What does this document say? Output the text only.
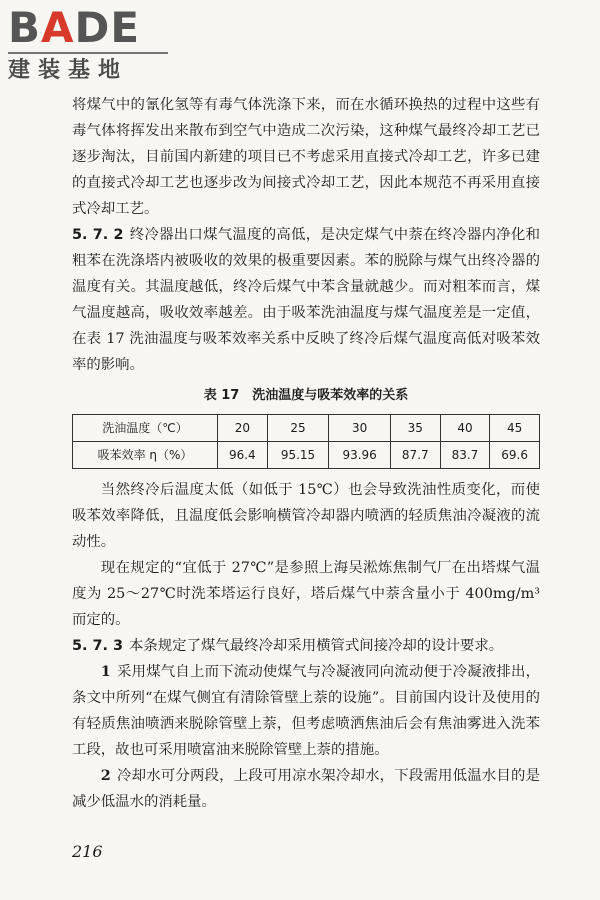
BADE
建装基地

将煤气中的氰化氢等有毒气体洗涤下来，而在水循环换热的过程中这些有毒气体将挥发出来散布到空气中造成二次污染，这种煤气最终冷却工艺已逐步淘汰，目前国内新建的项目已不考虑采用直接式冷却工艺，许多已建的直接式冷却工艺也逐步改为间接式冷却工艺，因此本规范不再采用直接式冷却工艺。

5. 7. 2 终冷器出口煤气温度的高低，是决定煤气中萘在终冷器内净化和粗苯在洗涤塔内被吸收的效果的极重要因素。苯的脱除与煤气出终冷器的温度有关。其温度越低，终冷后煤气中苯含量就越少。而对粗苯而言，煤气温度越高，吸收效率越差。由于吸苯洗油温度与煤气温度差是一定值，在表 17 洗油温度与吸苯效率关系中反映了终冷后煤气温度高低对吸苯效率的影响。

表 17　洗油温度与吸苯效率的关系
洗油温度（℃）	20	25	30	35	40	45
吸苯效率 η（%）	96.4	95.15	93.96	87.7	83.7	69.6

当然终冷后温度太低（如低于 15℃）也会导致洗油性质变化，而使吸苯效率降低，且温度低会影响横管冷却器内喷洒的轻质焦油冷凝液的流动性。

现在规定的“宜低于 27℃”是参照上海吴淞炼焦制气厂在出塔煤气温度为 25～27℃时洗苯塔运行良好，塔后煤气中萘含量小于 400mg/m³ 而定的。

5. 7. 3 本条规定了煤气最终冷却采用横管式间接冷却的设计要求。

1 采用煤气自上而下流动使煤气与冷凝液同向流动便于冷凝液排出，条文中所列“在煤气侧宜有清除管壁上萘的设施”。目前国内设计及使用的有轻质焦油喷洒来脱除管壁上萘，但考虑喷洒焦油后会有焦油雾进入洗苯工段，故也可采用喷富油来脱除管壁上萘的措施。

2 冷却水可分两段，上段可用凉水架冷却水，下段需用低温水目的是减少低温水的消耗量。

216
